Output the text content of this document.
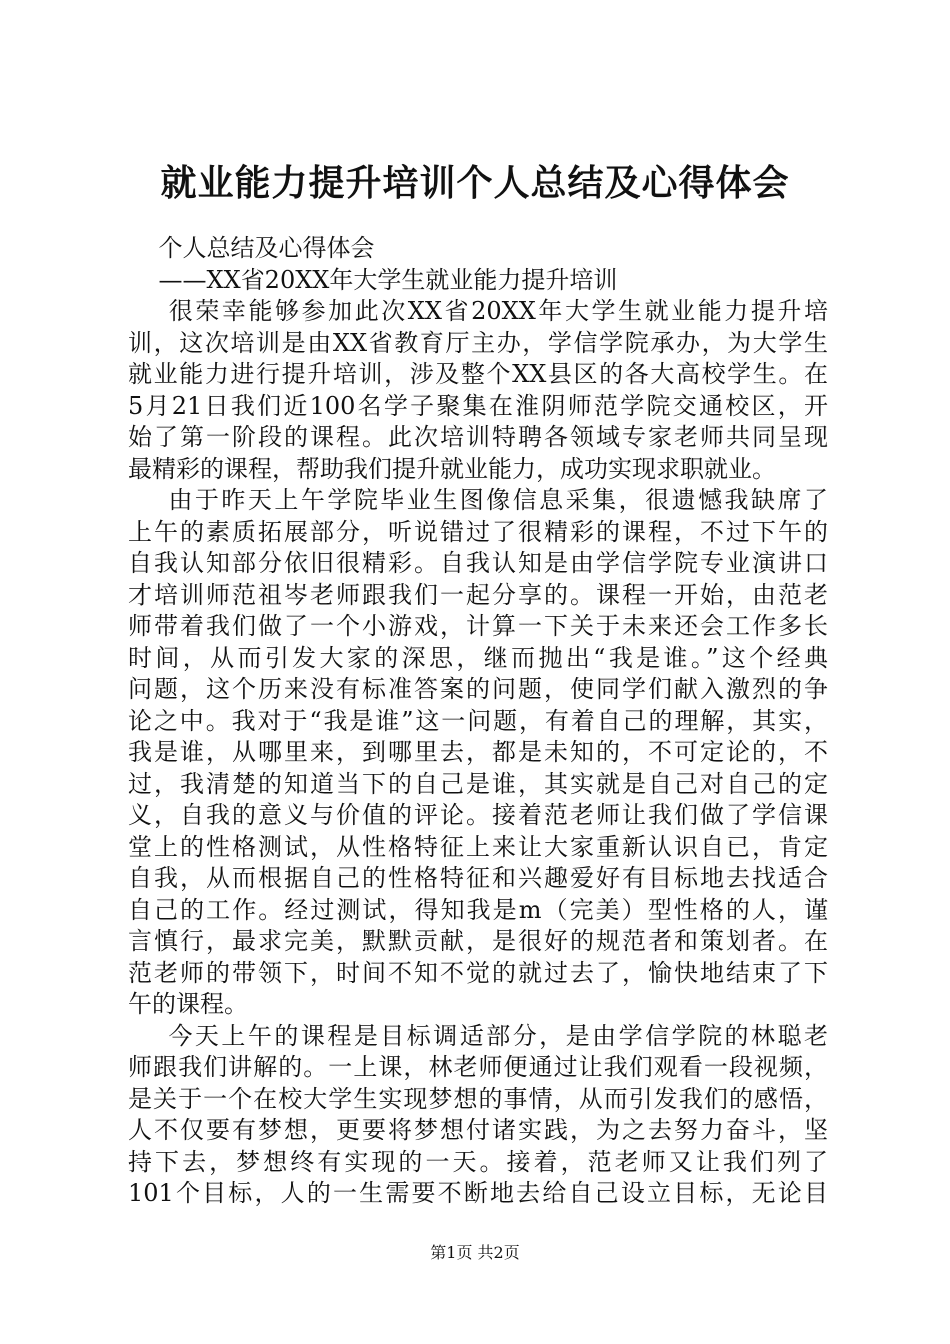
就业能力提升培训个人总结及心得体会
个人总结及心得体会
——XX省20XX年大学生就业能力提升培训
很荣幸能够参加此次XX省20XX年大学生就业能力提升培
训，这次培训是由XX省教育厅主办，学信学院承办，为大学生
就业能力进行提升培训，涉及整个XX县区的各大高校学生。在
5月21日我们近100名学子聚集在淮阴师范学院交通校区，开
始了第一阶段的课程。此次培训特聘各领域专家老师共同呈现
最精彩的课程，帮助我们提升就业能力，成功实现求职就业。
由于昨天上午学院毕业生图像信息采集，很遗憾我缺席了
上午的素质拓展部分，听说错过了很精彩的课程，不过下午的
自我认知部分依旧很精彩。自我认知是由学信学院专业演讲口
才培训师范祖岑老师跟我们一起分享的。课程一开始，由范老
师带着我们做了一个小游戏，计算一下关于未来还会工作多长
时间，从而引发大家的深思，继而抛出“我是谁。”这个经典
问题，这个历来没有标准答案的问题，使同学们献入激烈的争
论之中。我对于“我是谁”这一问题，有着自己的理解，其实，
我是谁，从哪里来，到哪里去，都是未知的，不可定论的，不
过，我清楚的知道当下的自己是谁，其实就是自己对自己的定
义，自我的意义与价值的评论。接着范老师让我们做了学信课
堂上的性格测试，从性格特征上来让大家重新认识自已，肯定
自我，从而根据自己的性格特征和兴趣爱好有目标地去找适合
自己的工作。经过测试，得知我是m（完美）型性格的人，谨
言慎行，最求完美，默默贡献，是很好的规范者和策划者。在
范老师的带领下，时间不知不觉的就过去了，愉快地结束了下
午的课程。
今天上午的课程是目标调适部分，是由学信学院的林聪老
师跟我们讲解的。一上课，林老师便通过让我们观看一段视频，
是关于一个在校大学生实现梦想的事情，从而引发我们的感悟，
人不仅要有梦想，更要将梦想付诸实践，为之去努力奋斗，坚
持下去，梦想终有实现的一天。接着，范老师又让我们列了
101个目标，人的一生需要不断地去给自己设立目标，无论目
第1页 共2页
